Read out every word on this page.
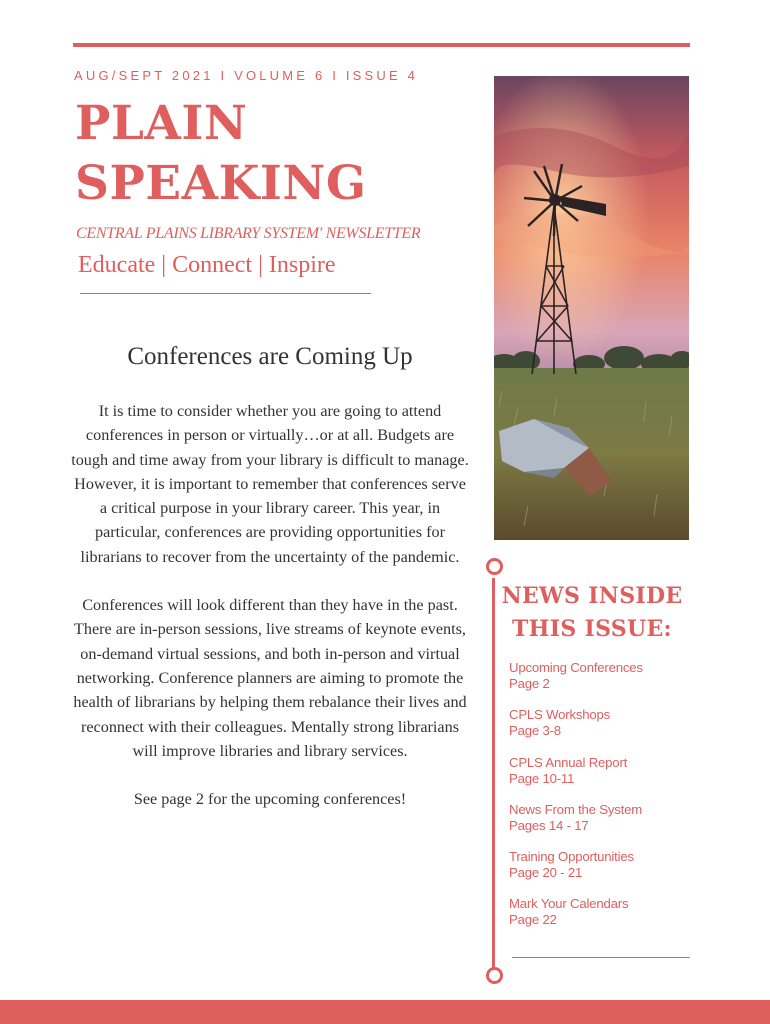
AUG/SEPT 2021 I VOLUME 6 I ISSUE 4
PLAIN
SPEAKING
CENTRAL PLAINS LIBRARY SYSTEM' NEWSLETTER
Educate | Connect | Inspire
Conferences are Coming Up

It is time to consider whether you are going to attend conferences in person or virtually…or at all. Budgets are tough and time away from your library is difficult to manage. However, it is important to remember that conferences serve a critical purpose in your library career. This year, in particular, conferences are providing opportunities for librarians to recover from the uncertainty of the pandemic.

Conferences will look different than they have in the past. There are in-person sessions, live streams of keynote events, on-demand virtual sessions, and both in-person and virtual networking. Conference planners are aiming to promote the health of librarians by helping them rebalance their lives and reconnect with their colleagues. Mentally strong librarians will improve libraries and library services.

See page 2 for the upcoming conferences!

NEWS INSIDE THIS ISSUE:
Upcoming Conferences
Page 2
CPLS Workshops
Page 3-8
CPLS Annual Report
Page 10-11
News From the System
Pages 14 - 17
Training Opportunities
Page 20 - 21
Mark Your Calendars
Page 22
